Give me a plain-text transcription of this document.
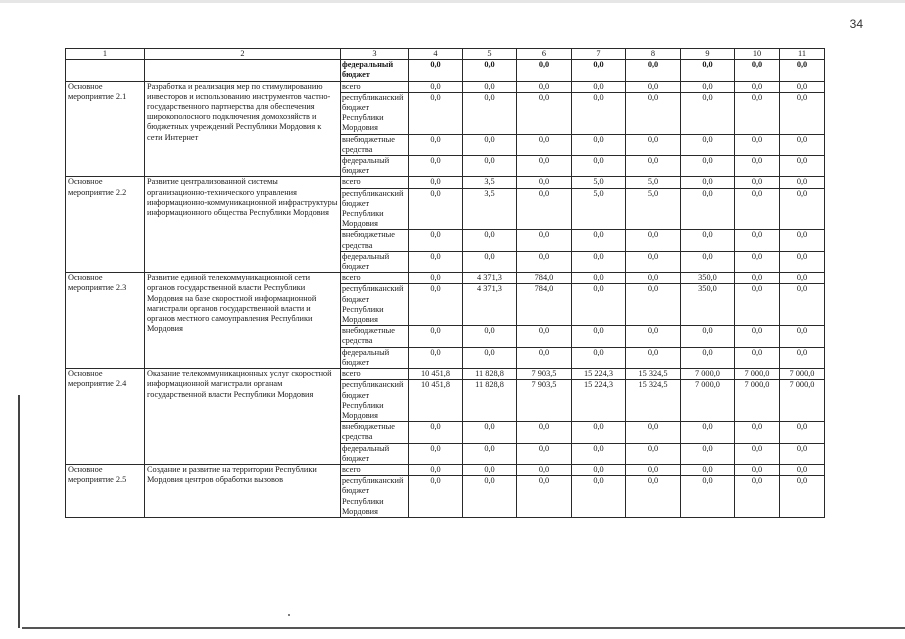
34
1	2	3	4	5	6	7	8	9	10	11
		федеральный бюджет	0,0	0,0	0,0	0,0	0,0	0,0	0,0	0,0
Основное мероприятие 2.1	Разработка и реализация мер по стимулированию инвесторов и использованию инструментов частно-государственного партнерства для обеспечения широкополосного подключения домохозяйств и бюджетных учреждений Республики Мордовия к сети Интернет	всего	0,0	0,0	0,0	0,0	0,0	0,0	0,0	0,0
		республиканский бюджет Республики Мордовия	0,0	0,0	0,0	0,0	0,0	0,0	0,0	0,0
		внебюджетные средства	0,0	0,0	0,0	0,0	0,0	0,0	0,0	0,0
		федеральный бюджет	0,0	0,0	0,0	0,0	0,0	0,0	0,0	0,0
Основное мероприятие 2.2	Развитие централизованной системы организационно-технического управления информационно-коммуникационной инфраструктуры информационного общества Республики Мордовия	всего	0,0	3,5	0,0	5,0	5,0	0,0	0,0	0,0
		республиканский бюджет Республики Мордовия	0,0	3,5	0,0	5,0	5,0	0,0	0,0	0,0
		внебюджетные средства	0,0	0,0	0,0	0,0	0,0	0,0	0,0	0,0
		федеральный бюджет	0,0	0,0	0,0	0,0	0,0	0,0	0,0	0,0
Основное мероприятие 2.3	Развитие единой телекоммуникационной сети органов государственной власти Республики Мордовия на базе скоростной информационной магистрали органов государственной власти и органов местного самоуправления Республики Мордовия	всего	0,0	4 371,3	784,0	0,0	0,0	350,0	0,0	0,0
		республиканский бюджет Республики Мордовия	0,0	4 371,3	784,0	0,0	0,0	350,0	0,0	0,0
		внебюджетные средства	0,0	0,0	0,0	0,0	0,0	0,0	0,0	0,0
		федеральный бюджет	0,0	0,0	0,0	0,0	0,0	0,0	0,0	0,0
Основное мероприятие 2.4	Оказание телекоммуникационных услуг скоростной информационной магистрали органам государственной власти Республики Мордовия	всего	10 451,8	11 828,8	7 903,5	15 224,3	15 324,5	7 000,0	7 000,0	7 000,0
		республиканский бюджет Республики Мордовия	10 451,8	11 828,8	7 903,5	15 224,3	15 324,5	7 000,0	7 000,0	7 000,0
		внебюджетные средства	0,0	0,0	0,0	0,0	0,0	0,0	0,0	0,0
		федеральный бюджет	0,0	0,0	0,0	0,0	0,0	0,0	0,0	0,0
Основное мероприятие 2.5	Создание и развитие на территории Республики Мордовия центров обработки вызовов	всего	0,0	0,0	0,0	0,0	0,0	0,0	0,0	0,0
		республиканский бюджет Республики Мордовия	0,0	0,0	0,0	0,0	0,0	0,0	0,0	0,0
